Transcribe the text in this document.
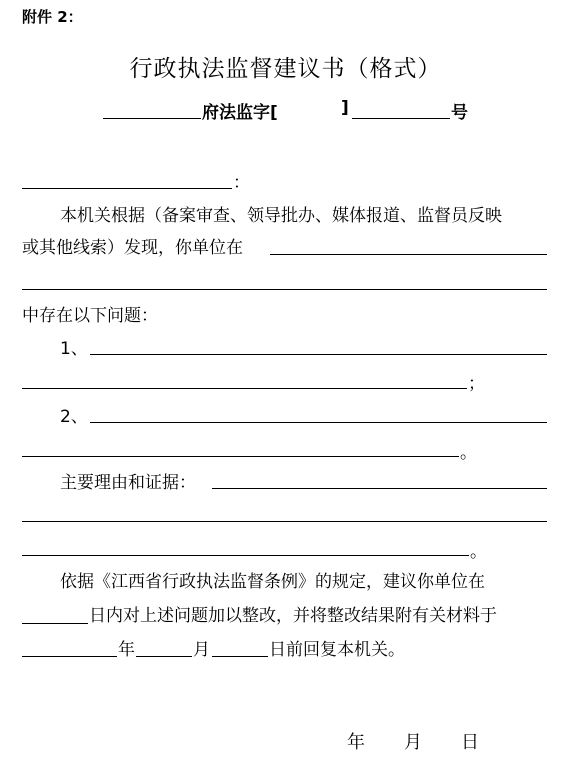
附件 2：
行政执法监督建议书（格式）
府法监字[	]	号
：
本机关根据（备案审查、领导批办、媒体报道、监督员反映
或其他线索）发现，你单位在
中存在以下问题：
1、
；
2、
。
主要理由和证据：
。
依据《江西省行政执法监督条例》的规定，建议你单位在
日内对上述问题加以整改，并将整改结果附有关材料于
年	月	日前回复本机关。
年 月 日
